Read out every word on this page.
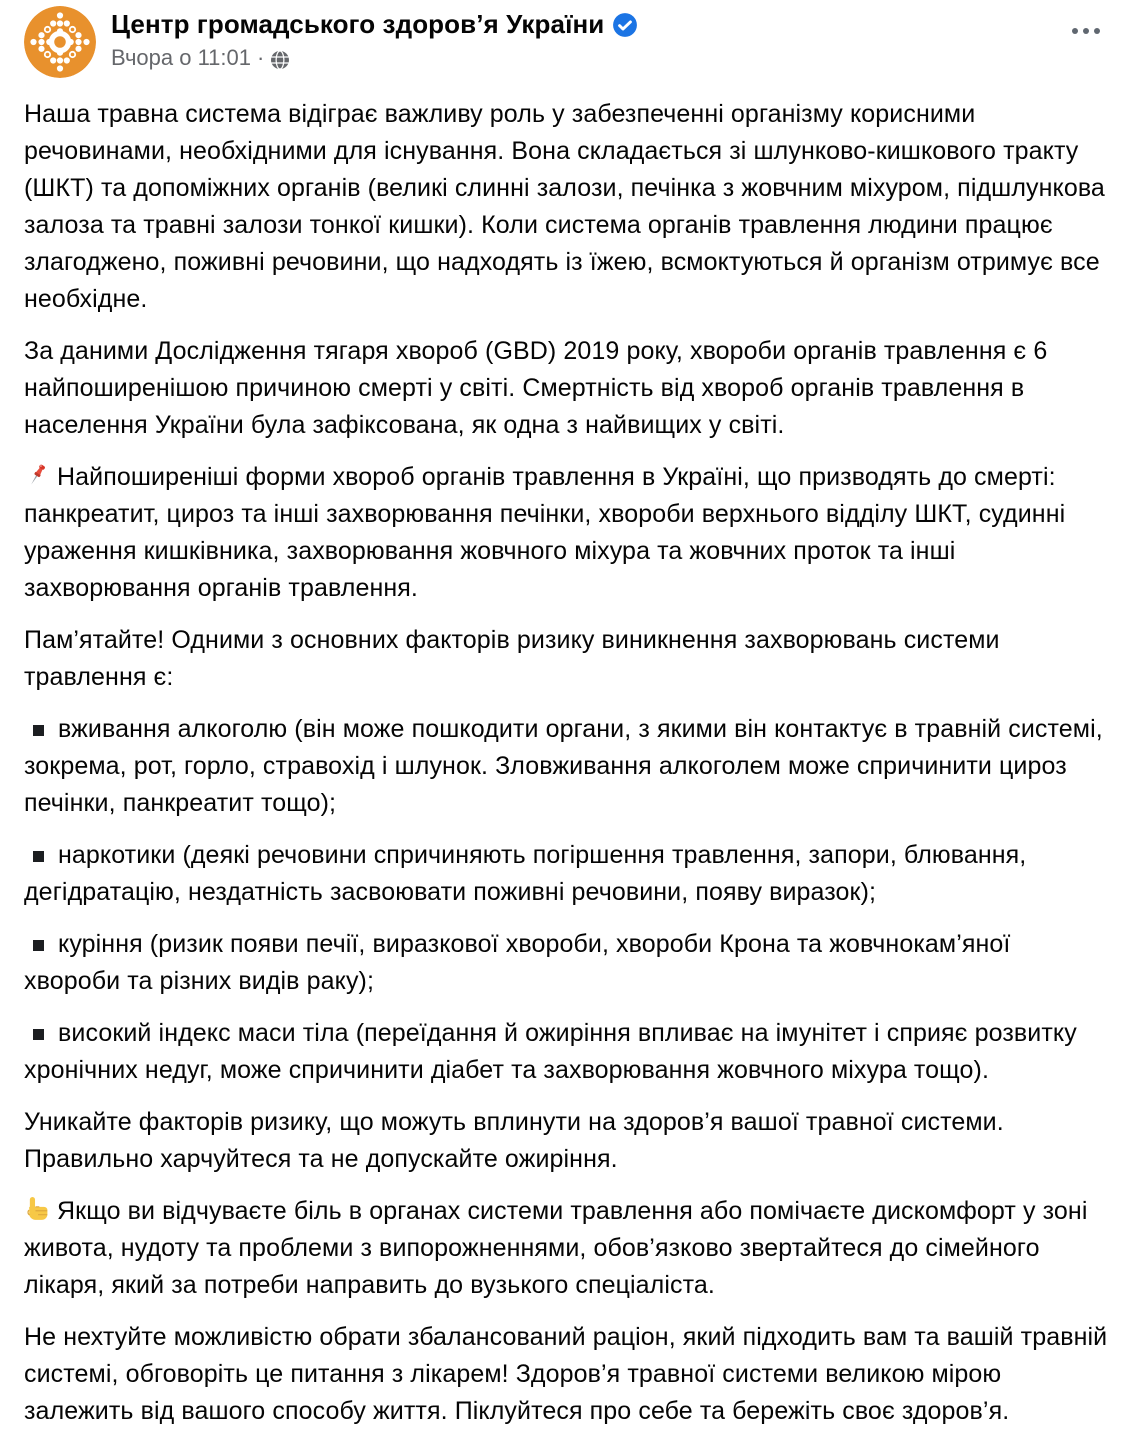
Центр громадського здоров’я України
Вчора о 11:01 ·

Наша травна система відіграє важливу роль у забезпеченні організму корисними речовинами, необхідними для існування. Вона складається зі шлунково-кишкового тракту (ШКТ) та допоміжних органів (великі слинні залози, печінка з жовчним міхуром, підшлункова залоза та травні залози тонкої кишки). Коли система органів травлення людини працює злагоджено, поживні речовини, що надходять із їжею, всмоктуються й організм отримує все необхідне.

За даними Дослідження тягаря хвороб (GBD) 2019 року, хвороби органів травлення є 6 найпоширенішою причиною смерті у світі. Смертність від хвороб органів травлення в населення України була зафіксована, як одна з найвищих у світі.

Найпоширеніші форми хвороб органів травлення в Україні, що призводять до смерті: панкреатит, цироз та інші захворювання печінки, хвороби верхнього відділу ШКТ, судинні ураження кишківника, захворювання жовчного міхура та жовчних проток та інші захворювання органів травлення.

Пам’ятайте! Одними з основних факторів ризику виникнення захворювань системи травлення є:

вживання алкоголю (він може пошкодити органи, з якими він контактує в травній системі, зокрема, рот, горло, стравохід і шлунок. Зловживання алкоголем може спричинити цироз печінки, панкреатит тощо);

наркотики (деякі речовини спричиняють погіршення травлення, запори, блювання, дегідратацію, нездатність засвоювати поживні речовини, появу виразок);

куріння (ризик появи печії, виразкової хвороби, хвороби Крона та жовчнокам’яної хвороби та різних видів раку);

високий індекс маси тіла (переїдання й ожиріння впливає на імунітет і сприяє розвитку хронічних недуг, може спричинити діабет та захворювання жовчного міхура тощо).

Уникайте факторів ризику, що можуть вплинути на здоров’я вашої травної системи. Правильно харчуйтеся та не допускайте ожиріння.

Якщо ви відчуваєте біль в органах системи травлення або помічаєте дискомфорт у зоні живота, нудоту та проблеми з випорожненнями, обов’язково звертайтеся до сімейного лікаря, який за потреби направить до вузького спеціаліста.

Не нехтуйте можливістю обрати збалансований раціон, який підходить вам та вашій травній системі, обговоріть це питання з лікарем! Здоров’я травної системи великою мірою залежить від вашого способу життя. Піклуйтеся про себе та бережіть своє здоров’я.
